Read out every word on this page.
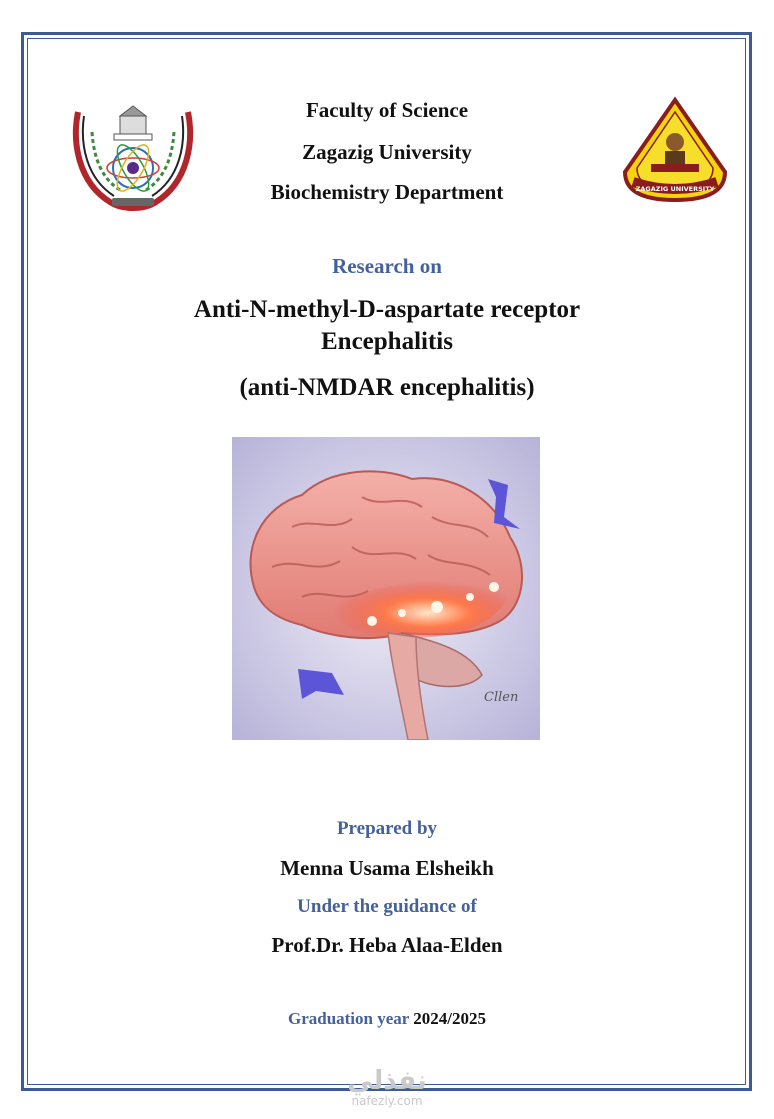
ZAGAZIG UNIVERSITY
Faculty of Science
Zagazig University
Biochemistry Department
Research on
Anti-N-methyl-D-aspartate receptor
Encephalitis
(anti-NMDAR encephalitis)
Cllen
Prepared by
Menna Usama Elsheikh
Under the guidance of
Prof.Dr. Heba Alaa-Elden
Graduation year 2024/2025
نفذلي
nafezly.com
